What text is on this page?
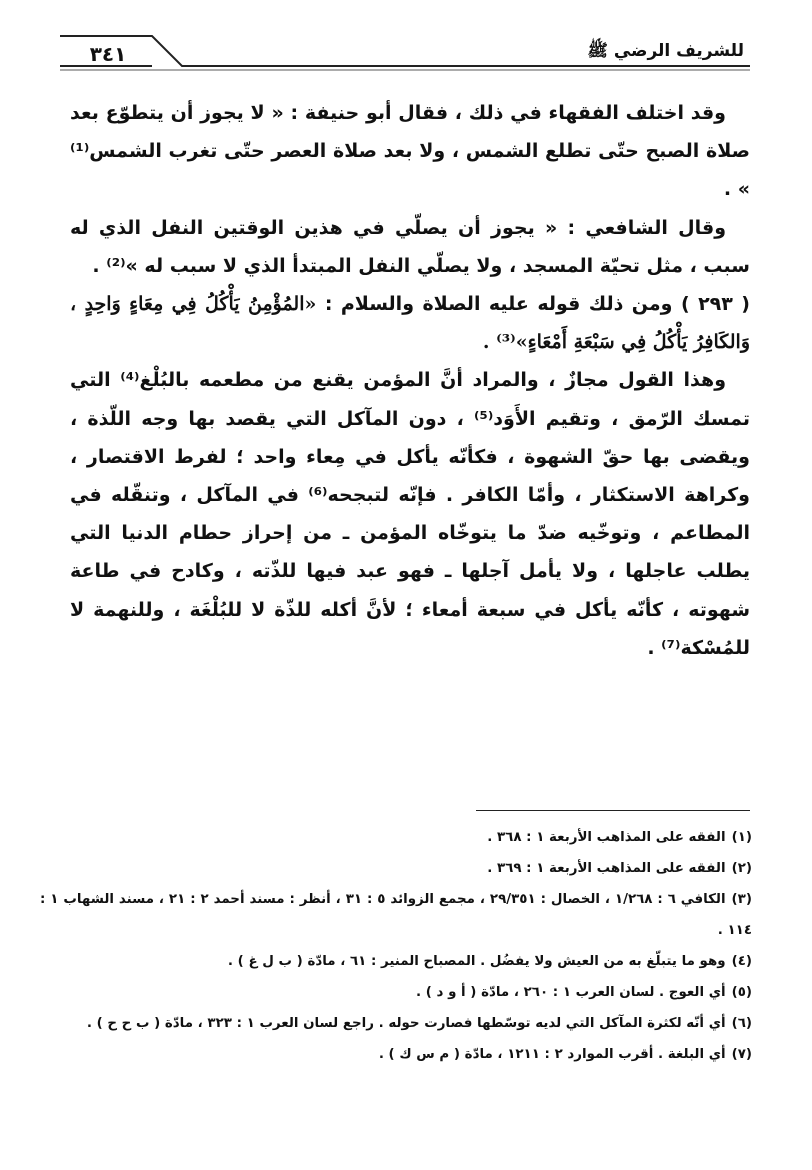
٣٤١	للشريف الرضي ﷺ

وقد اختلف الفقهاء في ذلك ، فقال أبو حنيفة : « لا يجوز أن يتطوّع بعد صلاة الصبح حتّى تطلع الشمس ، ولا بعد صلاة العصر حتّى تغرب الشمس⁽¹⁾ » .

وقال الشافعي : « يجوز أن يصلّي في هذين الوقتين النفل الذي له سبب ، مثل تحيّة المسجد ، ولا يصلّي النفل المبتدأ الذي لا سبب له »⁽²⁾ .

( ٢٩٣ ) ومن ذلك قوله عليه الصلاة والسلام : «المُؤْمِنُ يَأْكُلُ فِي مِعَاءٍ وَاحِدٍ ، وَالكَافِرُ يَأْكُلُ فِي سَبْعَةِ أَمْعَاءٍ»⁽³⁾ .

وهذا القول مجازٌ ، والمراد أنَّ المؤمن يقنع من مطعمه بالبُلْغ⁽⁴⁾ التي تمسك الرّمق ، وتقيم الأَوَد⁽⁵⁾ ، دون المآكل التي يقصد بها وجه اللّذة ، ويقضى بها حقّ الشهوة ، فكأنّه يأكل في مِعاء واحد ؛ لفرط الاقتصار ، وكراهة الاستكثار ، وأمّا الكافر . فإنّه لتبجحه⁽⁶⁾ في المآكل ، وتنقّله في المطاعم ، وتوخّيه ضدّ ما يتوخّاه المؤمن ـ من إحراز حطام الدنيا التي يطلب عاجلها ، ولا يأمل آجلها ـ فهو عبد فيها للذّته ، وكادح في طاعة شهوته ، كأنّه يأكل في سبعة أمعاء ؛ لأنَّ أكله للذّة لا للبُلْغَة ، وللنهمة لا للمُسْكة⁽⁷⁾ .

(١)الفقه على المذاهب الأربعة ١ : ٣٦٨ .

(٢)الفقه على المذاهب الأربعة ١ : ٣٦٩ .

(٣)الكافي ٦ : ١/٢٦٨ ، الخصال : ٢٩/٣٥١ ، مجمع الزوائد ٥ : ٣١ ، أنظر : مسند أحمد ٢ : ٢١ ، مسند الشهاب ١ : ١١٤ .

(٤)وهو ما يتبلّغ به من العيش ولا يفضُل . المصباح المنير : ٦١ ، مادّة ( ب ل غ ) .

(٥)أي العوج . لسان العرب ١ : ٢٦٠ ، مادّة ( أ و د ) .

(٦)أي أنّه لكثرة المآكل التي لديه توسّطها فصارت حوله . راجع لسان العرب ١ : ٣٢٣ ، مادّة ( ب ح ح ) .

(٧)أي البلغة . أقرب الموارد ٢ : ١٢١١ ، مادّة ( م س ك ) .
